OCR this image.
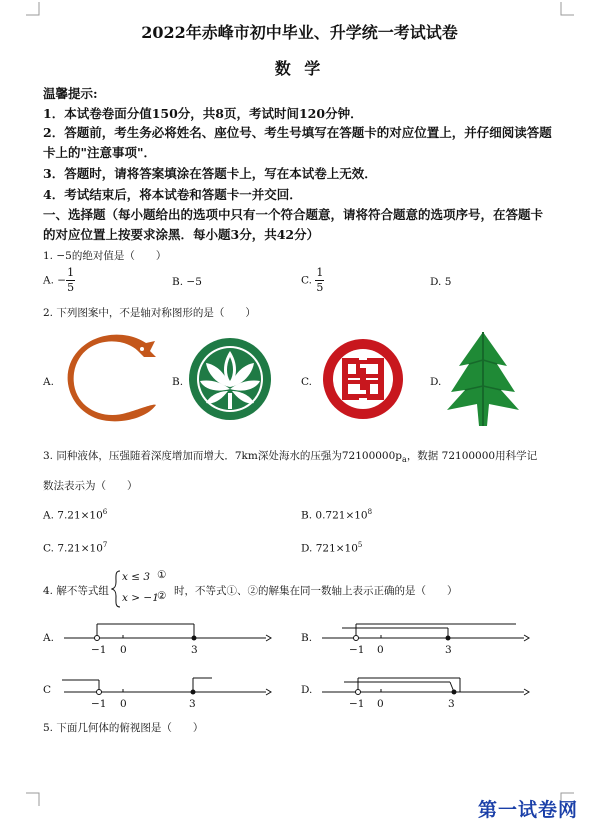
2022年赤峰市初中毕业、升学统一考试试卷
数 学
温馨提示:
1．本试卷卷面分值150分，共8页，考试时间120分钟．
2．答题前，考生务必将姓名、座位号、考生号填写在答题卡的对应位置上，并仔细阅读答题
卡上的"注意事项"．
3．答题时，请将答案填涂在答题卡上，写在本试卷上无效．
4．考试结束后，将本试卷和答题卡一并交回．
一、选择题（每小题给出的选项中只有一个符合题意，请将符合题意的选项序号，在答题卡
的对应位置上按要求涂黑．每小题3分，共42分）
1. −5的绝对值是（　　）
A. − $\frac{1}{5}$	B. −5	C. $\frac{1}{5}$	D. 5
2. 下列图案中，不是轴对称图形的是（　　）
A.	B.	C.	D.
3. 同种液体，压强随着深度增加而增大．7km深处海水的压强为$72100000p_a$，数据 72100000用科学记
数法表示为（　　）
A. $7.21\times 10^6$	B. $0.721\times 10^8$
C. $7.21\times 10^7$	D. $721\times 10^5$
4. 解不等式组
x ≤ 3 ①
x > −1
② 时，不等式①、②的解集在同一数轴上表示正确的是（　　）
A.
−1 0	3
B.
−1 0	3
C
−1 0	3
D.
−1 0	3
5. 下面几何体的俯视图是（　　）
第一试卷网
